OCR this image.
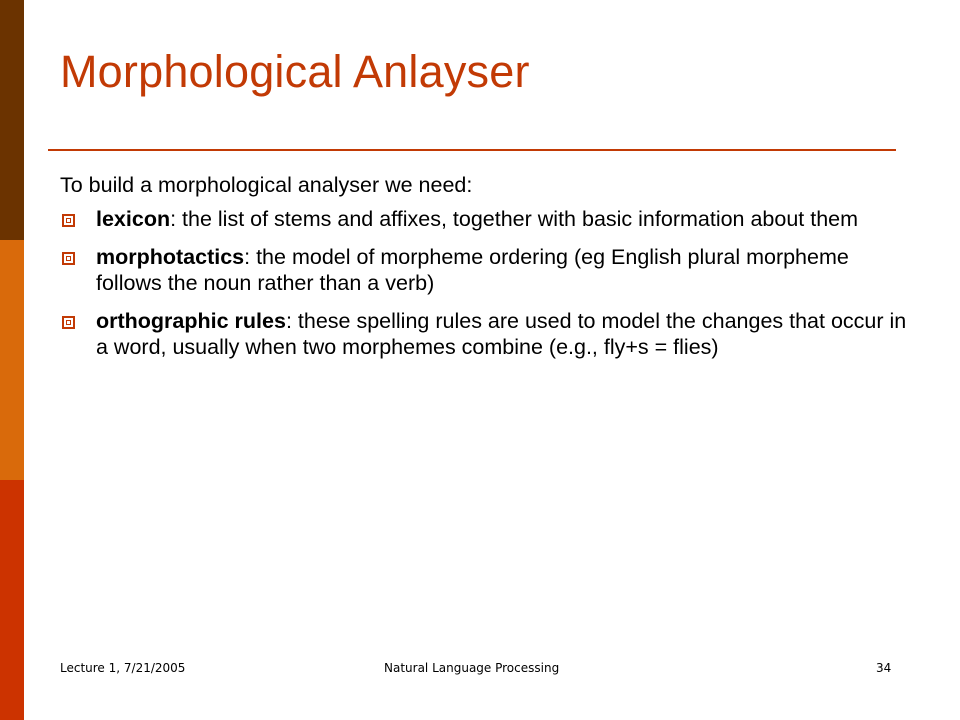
Morphological Anlayser

To build a morphological analyser we need:

lexicon: the list of stems and affixes, together with basic information about them
morphotactics: the model of morpheme ordering (eg English plural morpheme follows the noun rather than a verb)
orthographic rules: these spelling rules are used to model the changes that occur in a word, usually when two morphemes combine (e.g., fly+s = flies)
Lecture 1, 7/21/2005	Natural Language Processing	34
